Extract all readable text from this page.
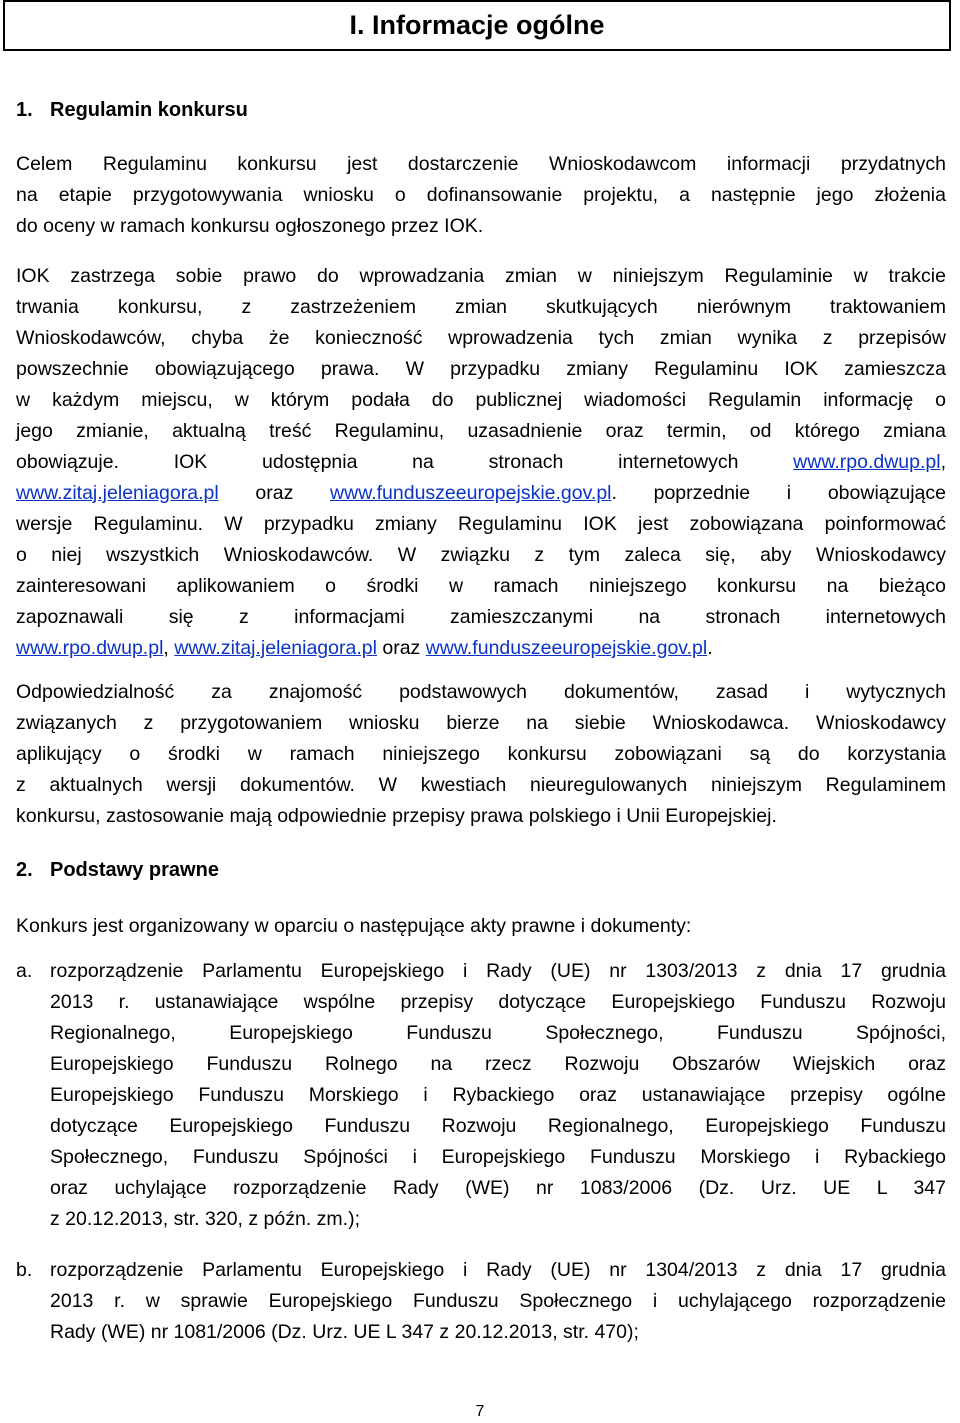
I. Informacje ogólne
1. Regulamin konkursu
Celem Regulaminu konkursu jest dostarczenie Wnioskodawcom informacji przydatnych
na etapie przygotowywania wniosku o dofinansowanie projektu, a następnie jego złożenia
do oceny w ramach konkursu ogłoszonego przez IOK.
IOK zastrzega sobie prawo do wprowadzania zmian w niniejszym Regulaminie w trakcie
trwania konkursu, z zastrzeżeniem zmian skutkujących nierównym traktowaniem
Wnioskodawców, chyba że konieczność wprowadzenia tych zmian wynika z przepisów
powszechnie obowiązującego prawa. W przypadku zmiany Regulaminu IOK zamieszcza
w każdym miejscu, w którym podała do publicznej wiadomości Regulamin informację o
jego zmianie, aktualną treść Regulaminu, uzasadnienie oraz termin, od którego zmiana
obowiązuje. IOK udostępnia na stronach internetowych	www.rpo.dwup.pl,
www.zitaj.jeleniagora.pl oraz www.funduszeeuropejskie.gov.pl. poprzednie i obowiązujące
wersje Regulaminu. W przypadku zmiany Regulaminu IOK jest zobowiązana poinformować
o niej wszystkich Wnioskodawców. W związku z tym zaleca się, aby Wnioskodawcy
zainteresowani aplikowaniem o środki w ramach niniejszego konkursu na bieżąco
zapoznawali się z informacjami zamieszczanymi na stronach internetowych
www.rpo.dwup.pl, www.zitaj.jeleniagora.pl oraz www.funduszeeuropejskie.gov.pl.
Odpowiedzialność za znajomość podstawowych dokumentów, zasad i wytycznych
związanych z przygotowaniem wniosku bierze na siebie Wnioskodawca. Wnioskodawcy
aplikujący o środki w ramach niniejszego konkursu zobowiązani są do korzystania
z aktualnych wersji dokumentów. W kwestiach nieuregulowanych niniejszym Regulaminem
konkursu, zastosowanie mają odpowiednie przepisy prawa polskiego i Unii Europejskiej.
2. Podstawy prawne
Konkurs jest organizowany w oparciu o następujące akty prawne i dokumenty:
a. rozporządzenie Parlamentu Europejskiego i Rady (UE) nr 1303/2013 z dnia 17 grudnia
2013 r. ustanawiające wspólne przepisy dotyczące Europejskiego Funduszu Rozwoju
Regionalnego, Europejskiego Funduszu Społecznego, Funduszu Spójności,
Europejskiego Funduszu Rolnego na rzecz Rozwoju Obszarów Wiejskich oraz
Europejskiego Funduszu Morskiego i Rybackiego oraz ustanawiające przepisy ogólne
dotyczące Europejskiego Funduszu Rozwoju Regionalnego, Europejskiego Funduszu
Społecznego, Funduszu Spójności i Europejskiego Funduszu Morskiego i Rybackiego
oraz uchylające rozporządzenie Rady (WE) nr 1083/2006 (Dz. Urz. UE L 347
z 20.12.2013, str. 320, z późn. zm.);
b. rozporządzenie Parlamentu Europejskiego i Rady (UE) nr 1304/2013 z dnia 17 grudnia
2013 r. w sprawie Europejskiego Funduszu Społecznego i uchylającego rozporządzenie
Rady (WE) nr 1081/2006 (Dz. Urz. UE L 347 z 20.12.2013, str. 470);
7
